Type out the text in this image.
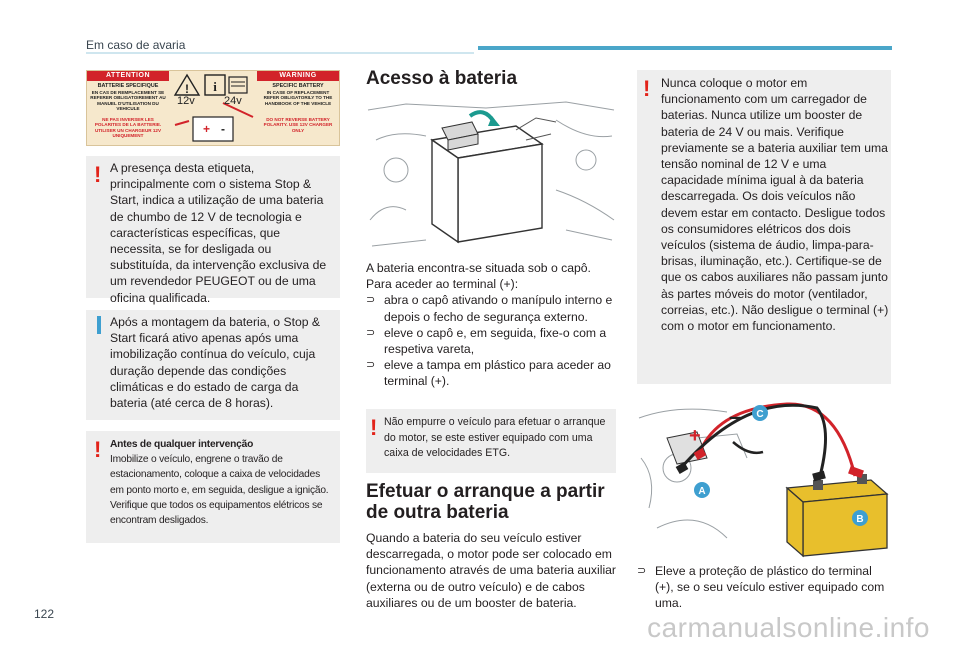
Em caso de avaria
ATTENTION	WARNING
BATTERIE SPECIFIQUE
EN CAS DE REMPLACEMENT SE REFERER OBLIGATOIREMENT AU MANUEL D'UTILISATION DU VEHICULE
NE PAS INVERSER LES POLARITES DE LA BATTERIE. UTILISER UN CHARGEUR 12V UNIQUEMENT
SPECIFIC BATTERY
IN CASE OF REPLACEMENT REFER OBLIGATORILY TO THE HANDBOOK OF THE VEHICLE
DO NOT REVERSE BATTERY POLARITY. USE 12V CHARGER ONLY
! i
+ -
12v	24v
! A presença desta etiqueta, principalmente com o sistema Stop & Start, indica a utilização de uma bateria de chumbo de 12 V de tecnologia e características específicas, que necessita, se for desligada ou substituída, da intervenção exclusiva de um revendedor PEUGEOT ou de uma oficina qualificada.

Após a montagem da bateria, o Stop & Start ficará ativo apenas após uma imobilização contínua do veículo, cuja duração depende das condições climáticas e do estado de carga da bateria (até cerca de 8 horas).

! Antes de qualquer intervenção

Imobilize o veículo, engrene o travão de estacionamento, coloque a caixa de velocidades em ponto morto e, em seguida, desligue a ignição. Verifique que todos os equipamentos elétricos se encontram desligados.

Acesso à bateria
A bateria encontra-se situada sob o capô. Para aceder ao terminal (+):
⊃ abra o capô ativando o manípulo interno e depois o fecho de segurança externo.
⊃ eleve o capô e, em seguida, fixe-o com a respetiva vareta,
⊃ eleve a tampa em plástico para aceder ao terminal (+).
! Não empurre o veículo para efetuar o arranque do motor, se este estiver equipado com uma caixa de velocidades ETG.

Efetuar o arranque a partir de outra bateria
Quando a bateria do seu veículo estiver descarregada, o motor pode ser colocado em funcionamento através de uma bateria auxiliar (externa ou de outro veículo) e de cabos auxiliares ou de um booster de bateria.
! Nunca coloque o motor em funcionamento com um carregador de baterias. Nunca utilize um booster de bateria de 24 V ou mais. Verifique previamente se a bateria auxiliar tem uma tensão nominal de 12 V e uma capacidade mínima igual à da bateria descarregada. Os dois veículos não devem estar em contacto. Desligue todos os consumidores elétricos dos dois veículos (sistema de áudio, limpa-para-brisas, iluminação, etc.). Certifique-se de que os cabos auxiliares não passam junto às partes móveis do motor (ventilador, correias, etc.). Não desligue o terminal (+) com o motor em funcionamento.

+
– C
A
B
⊃ Eleve a proteção de plástico do terminal (+), se o seu veículo estiver equipado com uma.
122	carmanualsonline.info
